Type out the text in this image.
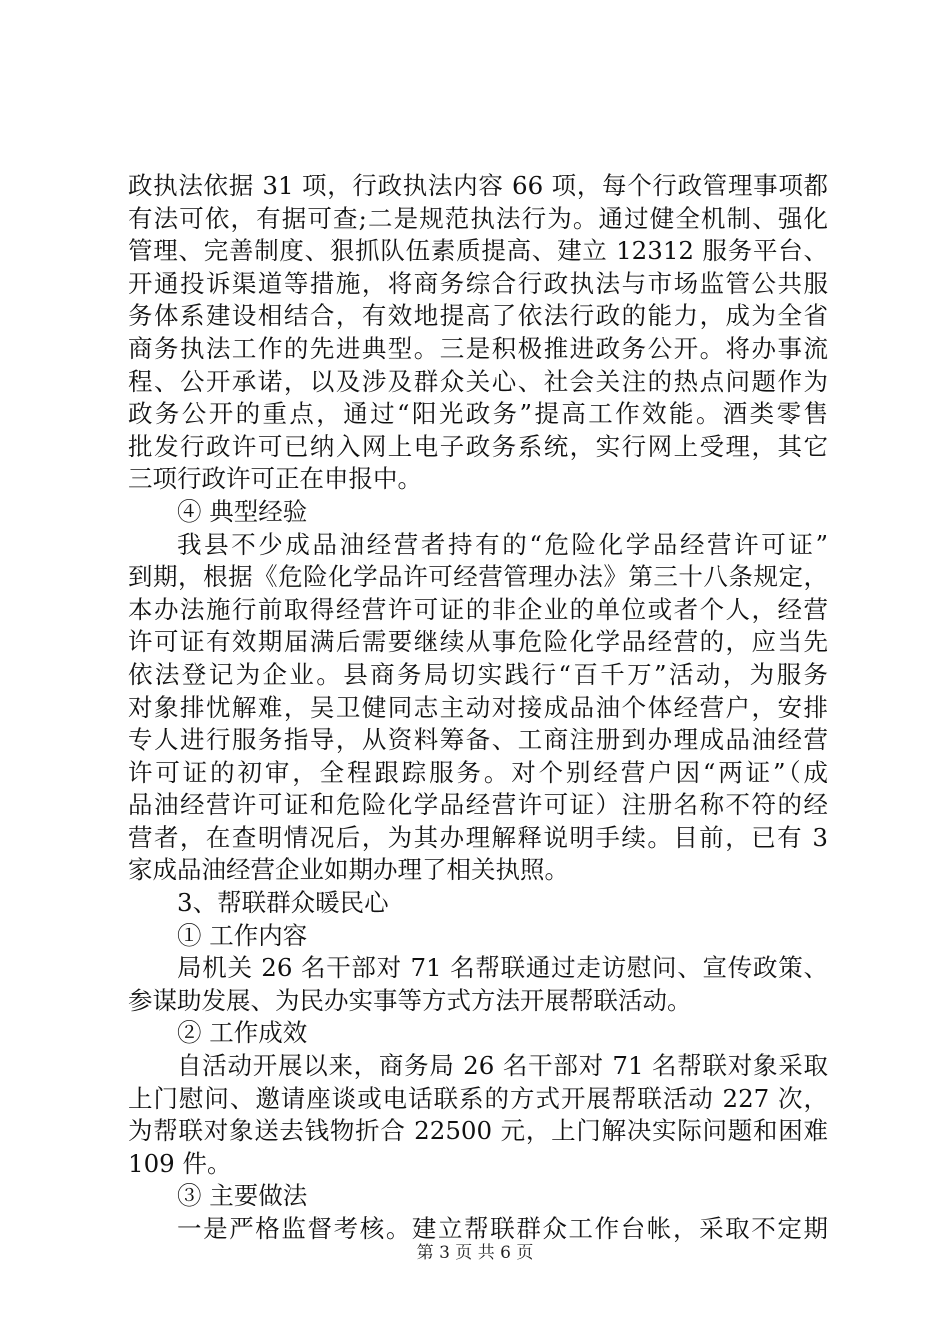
政执法依据 31 项，行政执法内容 66 项，每个行政管理事项都
有法可依，有据可查;二是规范执法行为。通过健全机制、强化
管理、完善制度、狠抓队伍素质提高、建立 12312 服务平台、
开通投诉渠道等措施，将商务综合行政执法与市场监管公共服
务体系建设相结合，有效地提高了依法行政的能力，成为全省
商务执法工作的先进典型。三是积极推进政务公开。将办事流
程、公开承诺，以及涉及群众关心、社会关注的热点问题作为
政务公开的重点，通过“阳光政务”提高工作效能。酒类零售
批发行政许可已纳入网上电子政务系统，实行网上受理，其它
三项行政许可正在申报中。
④ 典型经验
我县不少成品油经营者持有的“危险化学品经营许可证”
到期，根据《危险化学品许可经营管理办法》第三十八条规定，
本办法施行前取得经营许可证的非企业的单位或者个人，经营
许可证有效期届满后需要继续从事危险化学品经营的，应当先
依法登记为企业。县商务局切实践行“百千万”活动，为服务
对象排忧解难，吴卫健同志主动对接成品油个体经营户，安排
专人进行服务指导，从资料筹备、工商注册到办理成品油经营
许可证的初审，全程跟踪服务。对个别经营户因“两证”（成
品油经营许可证和危险化学品经营许可证）注册名称不符的经
营者，在查明情况后，为其办理解释说明手续。目前，已有 3
家成品油经营企业如期办理了相关执照。
3、帮联群众暖民心
① 工作内容
局机关 26 名干部对 71 名帮联通过走访慰问、宣传政策、
参谋助发展、为民办实事等方式方法开展帮联活动。
② 工作成效
自活动开展以来，商务局 26 名干部对 71 名帮联对象采取
上门慰问、邀请座谈或电话联系的方式开展帮联活动 227 次，
为帮联对象送去钱物折合 22500 元，上门解决实际问题和困难
109 件。
③ 主要做法
一是严格监督考核。建立帮联群众工作台帐，采取不定期
第 3 页 共 6 页
